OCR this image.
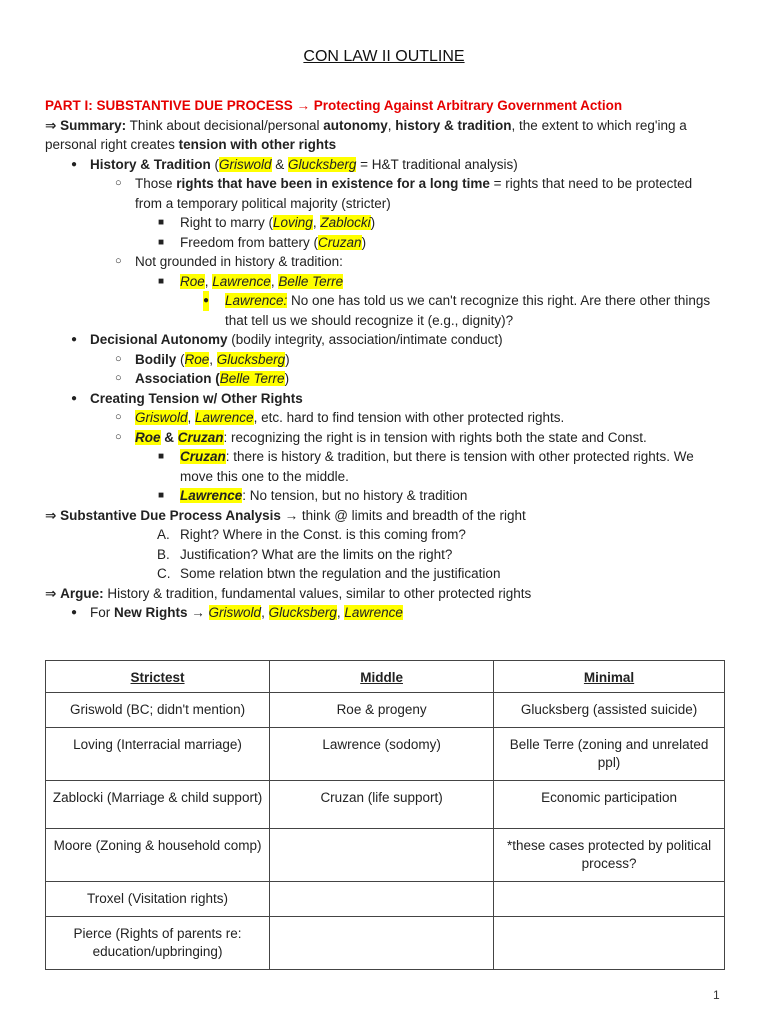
CON LAW II OUTLINE
PART I: SUBSTANTIVE DUE PROCESS → Protecting Against Arbitrary Government Action
⇒ Summary: Think about decisional/personal autonomy, history & tradition, the extent to which reg'ing a
personal right creates tension with other rights
● History & Tradition (Griswold & Glucksberg = H&T traditional analysis)
○ Those rights that have been in existence for a long time = rights that need to be protected
from a temporary political majority (stricter)
■ Right to marry (Loving, Zablocki)
■ Freedom from battery (Cruzan)
○ Not grounded in history & tradition:
■ Roe, Lawrence, Belle Terre
● Lawrence: No one has told us we can't recognize this right. Are there other things
that tell us we should recognize it (e.g., dignity)?
● Decisional Autonomy (bodily integrity, association/intimate conduct)
○ Bodily (Roe, Glucksberg)
○ Association (Belle Terre)
● Creating Tension w/ Other Rights
○ Griswold, Lawrence, etc. hard to find tension with other protected rights.
○ Roe & Cruzan: recognizing the right is in tension with rights both the state and Const.
■ Cruzan: there is history & tradition, but there is tension with other protected rights. We
move this one to the middle.
■ Lawrence: No tension, but no history & tradition
⇒ Substantive Due Process Analysis → think @ limits and breadth of the right
A. Right? Where in the Const. is this coming from?
B. Justification? What are the limits on the right?
C. Some relation btwn the regulation and the justification
⇒ Argue: History & tradition, fundamental values, similar to other protected rights
● For New Rights → Griswold, Glucksberg, Lawrence
Strictest	Middle	Minimal
Griswold (BC; didn't mention)	Roe & progeny	Glucksberg (assisted suicide)
Loving (Interracial marriage)	Lawrence (sodomy)	Belle Terre (zoning and unrelated ppl)
Zablocki (Marriage & child support)	Cruzan (life support)	Economic participation
Moore (Zoning & household comp)		*these cases protected by political process?
Troxel (Visitation rights)		
Pierce (Rights of parents re: education/upbringing)		
1
